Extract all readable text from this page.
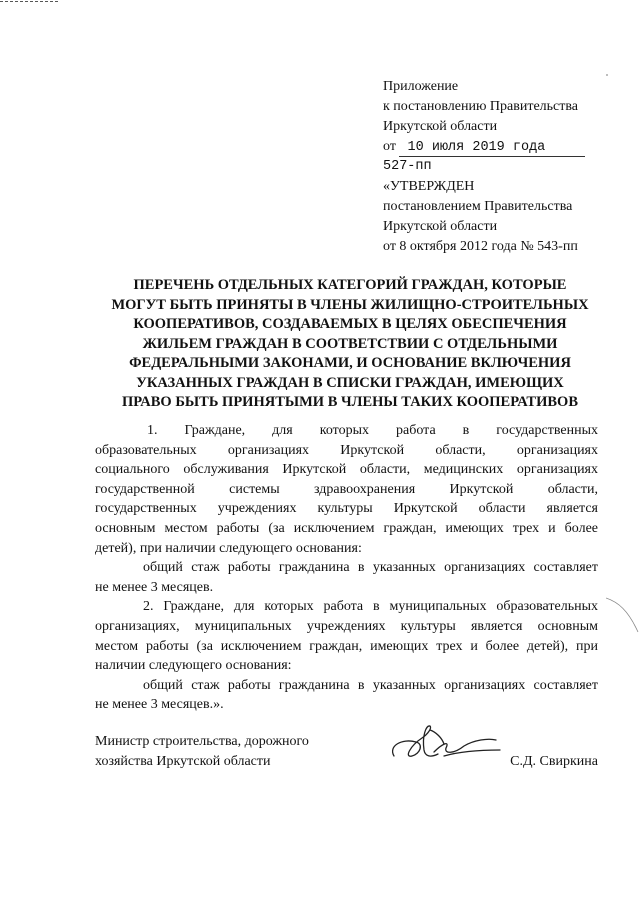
Приложение
к постановлению Правительства
Иркутской области
от 10 июля 2019 года
527-пп
«УТВЕРЖДЕН
постановлением Правительства
Иркутской области
от 8 октября 2012 года № 543-пп
ПЕРЕЧЕНЬ ОТДЕЛЬНЫХ КАТЕГОРИЙ ГРАЖДАН, КОТОРЫЕ
МОГУТ БЫТЬ ПРИНЯТЫ В ЧЛЕНЫ ЖИЛИЩНО-СТРОИТЕЛЬНЫХ
КООПЕРАТИВОВ, СОЗДАВАЕМЫХ В ЦЕЛЯХ ОБЕСПЕЧЕНИЯ
ЖИЛЬЕМ ГРАЖДАН В СООТВЕТСТВИИ С ОТДЕЛЬНЫМИ
ФЕДЕРАЛЬНЫМИ ЗАКОНАМИ, И ОСНОВАНИЕ ВКЛЮЧЕНИЯ
УКАЗАННЫХ ГРАЖДАН В СПИСКИ ГРАЖДАН, ИМЕЮЩИХ
ПРАВО БЫТЬ ПРИНЯТЫМИ В ЧЛЕНЫ ТАКИХ КООПЕРАТИВОВ
1. Граждане, для которых работа в государственных
образовательных организациях Иркутской области, организациях
социального обслуживания Иркутской области, медицинских организациях
государственной системы здравоохранения Иркутской области,
государственных учреждениях культуры Иркутской области является
основным местом работы (за исключением граждан, имеющих трех и более
детей), при наличии следующего основания:
общий стаж работы гражданина в указанных организациях составляет
не менее 3 месяцев.
2. Граждане, для которых работа в муниципальных образовательных
организациях, муниципальных учреждениях культуры является основным
местом работы (за исключением граждан, имеющих трех и более детей), при
наличии следующего основания:
общий стаж работы гражданина в указанных организациях составляет
не менее 3 месяцев.».
Министр строительства, дорожного
хозяйства Иркутской области	С.Д. Свиркина
